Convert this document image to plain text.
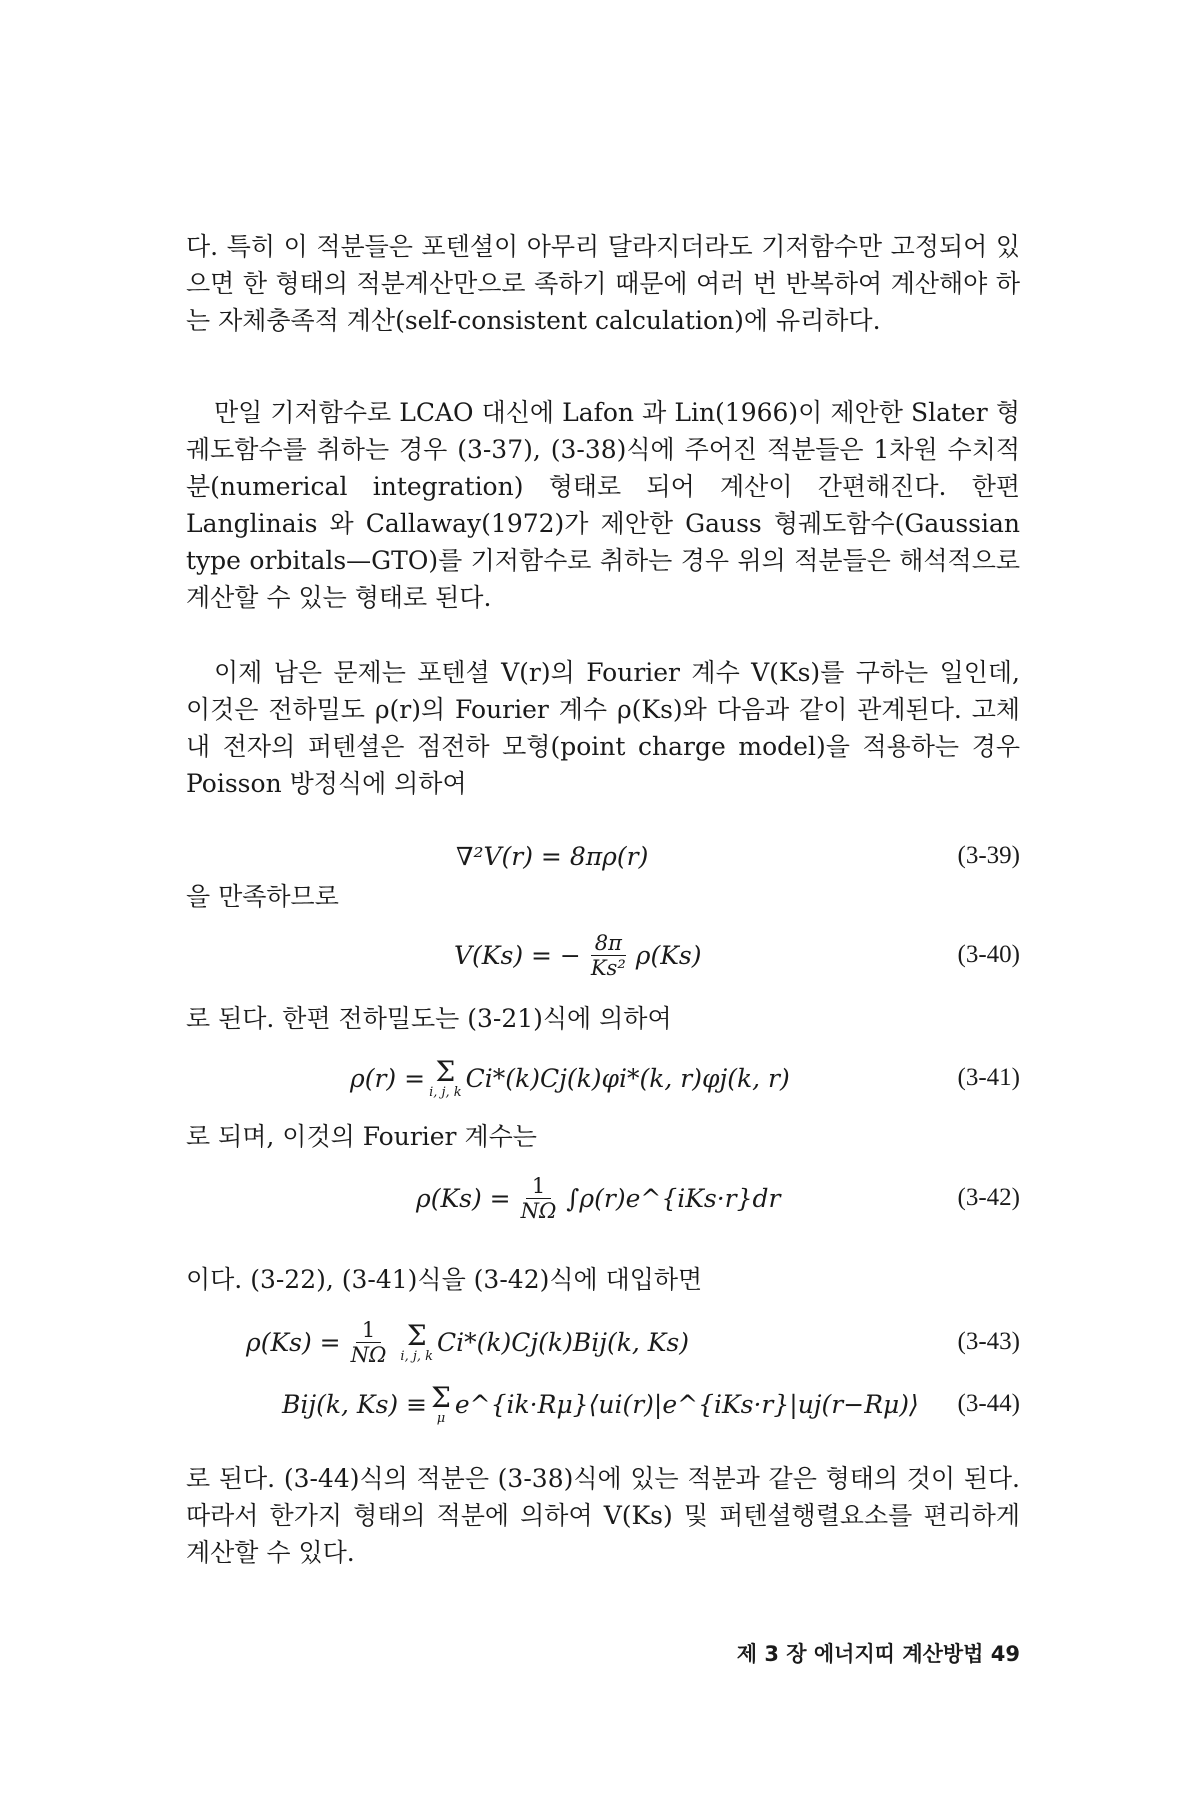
다. 특히 이 적분들은 포텐셜이 아무리 달라지더라도 기저함수만 고정되어 있으면 한 형태의 적분계산만으로 족하기 때문에 여러 번 반복하여 계산해야 하는 자체충족적 계산(self-consistent calculation)에 유리하다.

만일 기저함수로 LCAO 대신에 Lafon 과 Lin(1966)이 제안한 Slater 형 궤도함수를 취하는 경우 (3-37), (3-38)식에 주어진 적분들은 1차원 수치적분(numerical integration) 형태로 되어 계산이 간편해진다. 한편 Langlinais 와 Callaway(1972)가 제안한 Gauss 형궤도함수(Gaussian type orbitals—GTO)를 기저함수로 취하는 경우 위의 적분들은 해석적으로 계산할 수 있는 형태로 된다.

이제 남은 문제는 포텐셜 V(r)의 Fourier 계수 V(Ks)를 구하는 일인데, 이것은 전하밀도 ρ(r)의 Fourier 계수 ρ(Ks)와 다음과 같이 관계된다. 고체내 전자의 퍼텐셜은 점전하 모형(point charge model)을 적용하는 경우 Poisson 방정식에 의하여

∇²V(r) = 8πρ(r)	(3-39)
을 만족하므로
V(Ks) = − $\frac{8\pi}{\text{Ks²}} \rho(Ks)$	(3-40)
로 된다. 한편 전하밀도는 (3-21)식에 의하여
ρ(r) = Σ
i, j, k Ci*(k)Cj(k)φi*(k, r)φj(k, r)	(3-41)
로 되며, 이것의 Fourier 계수는
$\rho(Ks) = \frac{1}{N\Omega}$ ∫ρ(r)e^{iKs·r}dr	(3-42)
이다. (3-22), (3-41)식을 (3-42)식에 대입하면
$\rho(Ks) = \frac{1}{N\Omega}$ Σ
i, j, k Ci*(k)Cj(k)Bij(k, Ks)	(3-43)
Bij(k, Ks) ≡ Σ
μ e^{ik·Rμ}⟨ui(r)|e^{iKs·r}|uj(r−Rμ)⟩ (3-44)

로 된다. (3-44)식의 적분은 (3-38)식에 있는 적분과 같은 형태의 것이 된다. 따라서 한가지 형태의 적분에 의하여 V(Ks) 및 퍼텐셜행렬요소를 편리하게 계산할 수 있다.

제 3 장 에너지띠 계산방법 49
